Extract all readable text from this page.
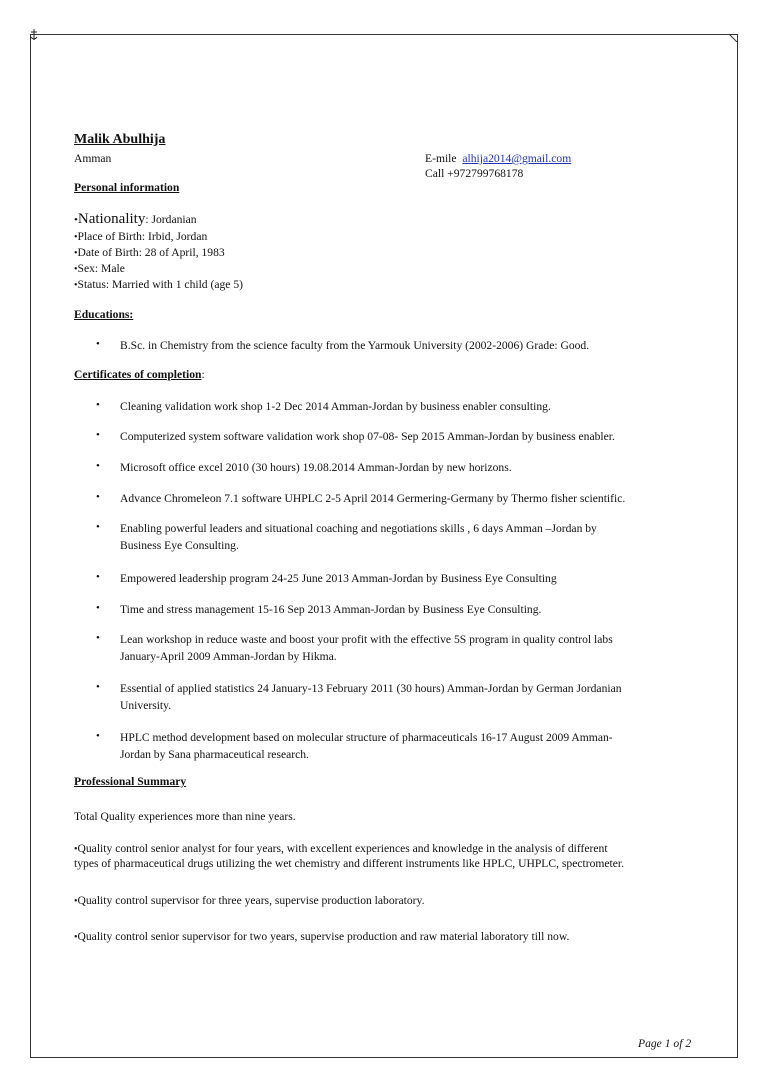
Malik Abulhija
Amman	E-mile alhija2014@gmail.com
Call +972799768178
Personal information
•Nationality: Jordanian
•Place of Birth: Irbid, Jordan
•Date of Birth: 28 of April, 1983
•Sex: Male
•Status: Married with 1 child (age 5)
Educations:
• B.Sc. in Chemistry from the science faculty from the Yarmouk University (2002-2006) Grade: Good.
Certificates of completion:
• Cleaning validation work shop 1-2 Dec 2014 Amman-Jordan by business enabler consulting.
• Computerized system software validation work shop 07-08- Sep 2015 Amman-Jordan by business enabler.
• Microsoft office excel 2010 (30 hours) 19.08.2014 Amman-Jordan by new horizons.
• Advance Chromeleon 7.1 software UHPLC 2-5 April 2014 Germering-Germany by Thermo fisher scientific.
• Enabling powerful leaders and situational coaching and negotiations skills , 6 days Amman –Jordan by
Business Eye Consulting.
• Empowered leadership program 24-25 June 2013 Amman-Jordan by Business Eye Consulting
• Time and stress management 15-16 Sep 2013 Amman-Jordan by Business Eye Consulting.
• Lean workshop in reduce waste and boost your profit with the effective 5S program in quality control labs
January-April 2009 Amman-Jordan by Hikma.
• Essential of applied statistics 24 January-13 February 2011 (30 hours) Amman-Jordan by German Jordanian
University.
• HPLC method development based on molecular structure of pharmaceuticals 16-17 August 2009 Amman-
Jordan by Sana pharmaceutical research.
Professional Summary
Total Quality experiences more than nine years.
•Quality control senior analyst for four years, with excellent experiences and knowledge in the analysis of different
types of pharmaceutical drugs utilizing the wet chemistry and different instruments like HPLC, UHPLC, spectrometer.
•Quality control supervisor for three years, supervise production laboratory.
•Quality control senior supervisor for two years, supervise production and raw material laboratory till now.
Page 1 of 2
